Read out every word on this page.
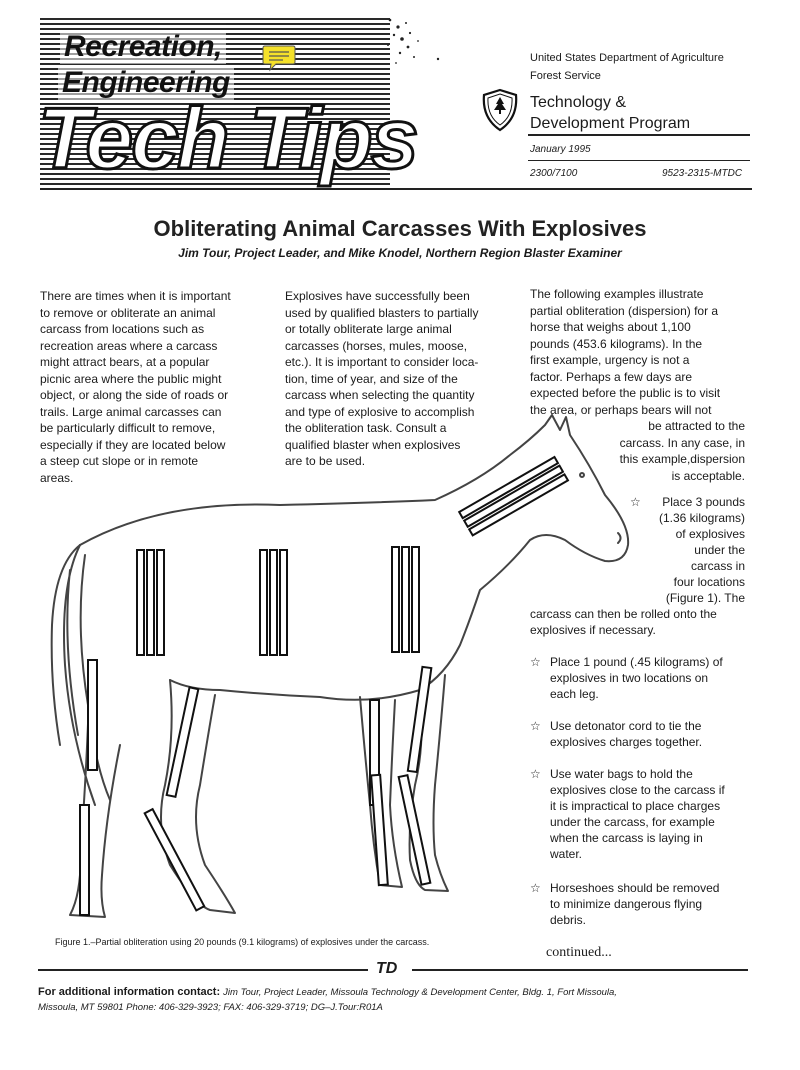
Recreation,
Engineering
Tech Tips
United States Department of Agriculture
Forest Service
Technology &
Development Program
January 1995
2300/7100	9523-2315-MTDC
Obliterating Animal Carcasses With Explosives
Jim Tour, Project Leader, and Mike Knodel, Northern Region Blaster Examiner
There are times when it is important
to remove or obliterate an animal
carcass from locations such as
recreation areas where a carcass
might attract bears, at a popular
picnic area where the public might
object, or along the side of roads or
trails. Large animal carcasses can
be particularly difficult to remove,
especially if they are located below
a steep cut slope or in remote
areas.
Explosives have successfully been
used by qualified blasters to partially
or totally obliterate large animal
carcasses (horses, mules, moose,
etc.). It is important to consider loca-
tion, time of year, and size of the
carcass when selecting the quantity
and type of explosive to accomplish
the obliteration task. Consult a
qualified blaster when explosives
are to be used.
The following examples illustrate
partial obliteration (dispersion) for a
horse that weighs about 1,100
pounds (453.6 kilograms). In the
first example, urgency is not a
factor. Perhaps a few days are
expected before the public is to visit
the area, or perhaps bears will not
be attracted to the
carcass. In any case, in
this example,dispersion
is acceptable.
☆	Place 3 pounds
(1.36 kilograms)
of explosives
under the
carcass in
four locations
(Figure 1). The
carcass can then be rolled onto the
explosives if necessary.
☆ Place 1 pound (.45 kilograms) of
explosives in two locations on
each leg.
☆ Use detonator cord to tie the
explosives charges together.
☆ Use water bags to hold the
explosives close to the carcass if
it is impractical to place charges
under the carcass, for example
when the carcass is laying in
water.
☆ Horseshoes should be removed
to minimize dangerous flying
debris.
Figure 1.–Partial obliteration using 20 pounds (9.1 kilograms) of explosives under the carcass.
continued...
TD
For additional information contact: Jim Tour, Project Leader, Missoula Technology & Development Center, Bldg. 1, Fort Missoula,
Missoula, MT 59801 Phone: 406-329-3923; FAX: 406-329-3719; DG–J.Tour:R01A
